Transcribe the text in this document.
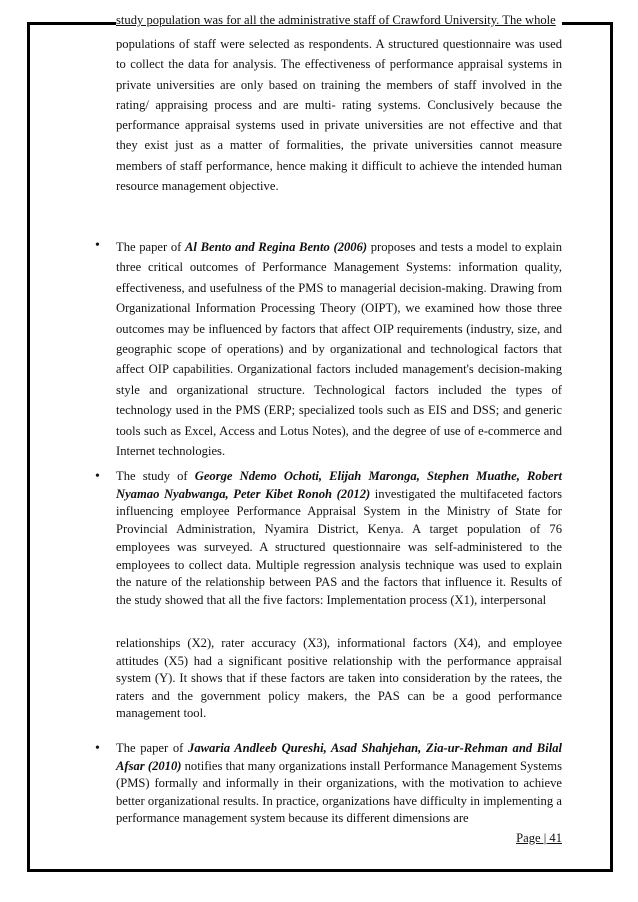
study population was for all the administrative staff of Crawford University. The whole

populations of staff were selected as respondents. A structured questionnaire was used to collect the data for analysis. The effectiveness of performance appraisal systems in private universities are only based on training the members of staff involved in the rating/ appraising process and are multi- rating systems. Conclusively because the performance appraisal systems used in private universities are not effective and that they exist just as a matter of formalities, the private universities cannot measure members of staff performance, hence making it difficult to achieve the intended human resource management objective.

• The paper of Al Bento and Regina Bento (2006) proposes and tests a model to explain three critical outcomes of Performance Management Systems: information quality, effectiveness, and usefulness of the PMS to managerial decision-making. Drawing from Organizational Information Processing Theory (OIPT), we examined how those three outcomes may be influenced by factors that affect OIP requirements (industry, size, and geographic scope of operations) and by organizational and technological factors that affect OIP capabilities. Organizational factors included management's decision-making style and organizational structure. Technological factors included the types of technology used in the PMS (ERP; specialized tools such as EIS and DSS; and generic tools such as Excel, Access and Lotus Notes), and the degree of use of e-commerce and Internet technologies.

• The study of George Ndemo Ochoti, Elijah Maronga, Stephen Muathe, Robert Nyamao Nyabwanga, Peter Kibet Ronoh (2012) investigated the multifaceted factors influencing employee Performance Appraisal System in the Ministry of State for Provincial Administration, Nyamira District, Kenya. A target population of 76 employees was surveyed. A structured questionnaire was self-administered to the employees to collect data. Multiple regression analysis technique was used to explain the nature of the relationship between PAS and the factors that influence it. Results of the study showed that all the five factors: Implementation process (X1), interpersonal

relationships (X2), rater accuracy (X3), informational factors (X4), and employee attitudes (X5) had a significant positive relationship with the performance appraisal system (Y). It shows that if these factors are taken into consideration by the ratees, the raters and the government policy makers, the PAS can be a good performance management tool.

• The paper of Jawaria Andleeb Qureshi, Asad Shahjehan, Zia-ur-Rehman and Bilal Afsar (2010) notifies that many organizations install Performance Management Systems (PMS) formally and informally in their organizations, with the motivation to achieve better organizational results. In practice, organizations have difficulty in implementing a performance management system because its different dimensions are

Page | 41
